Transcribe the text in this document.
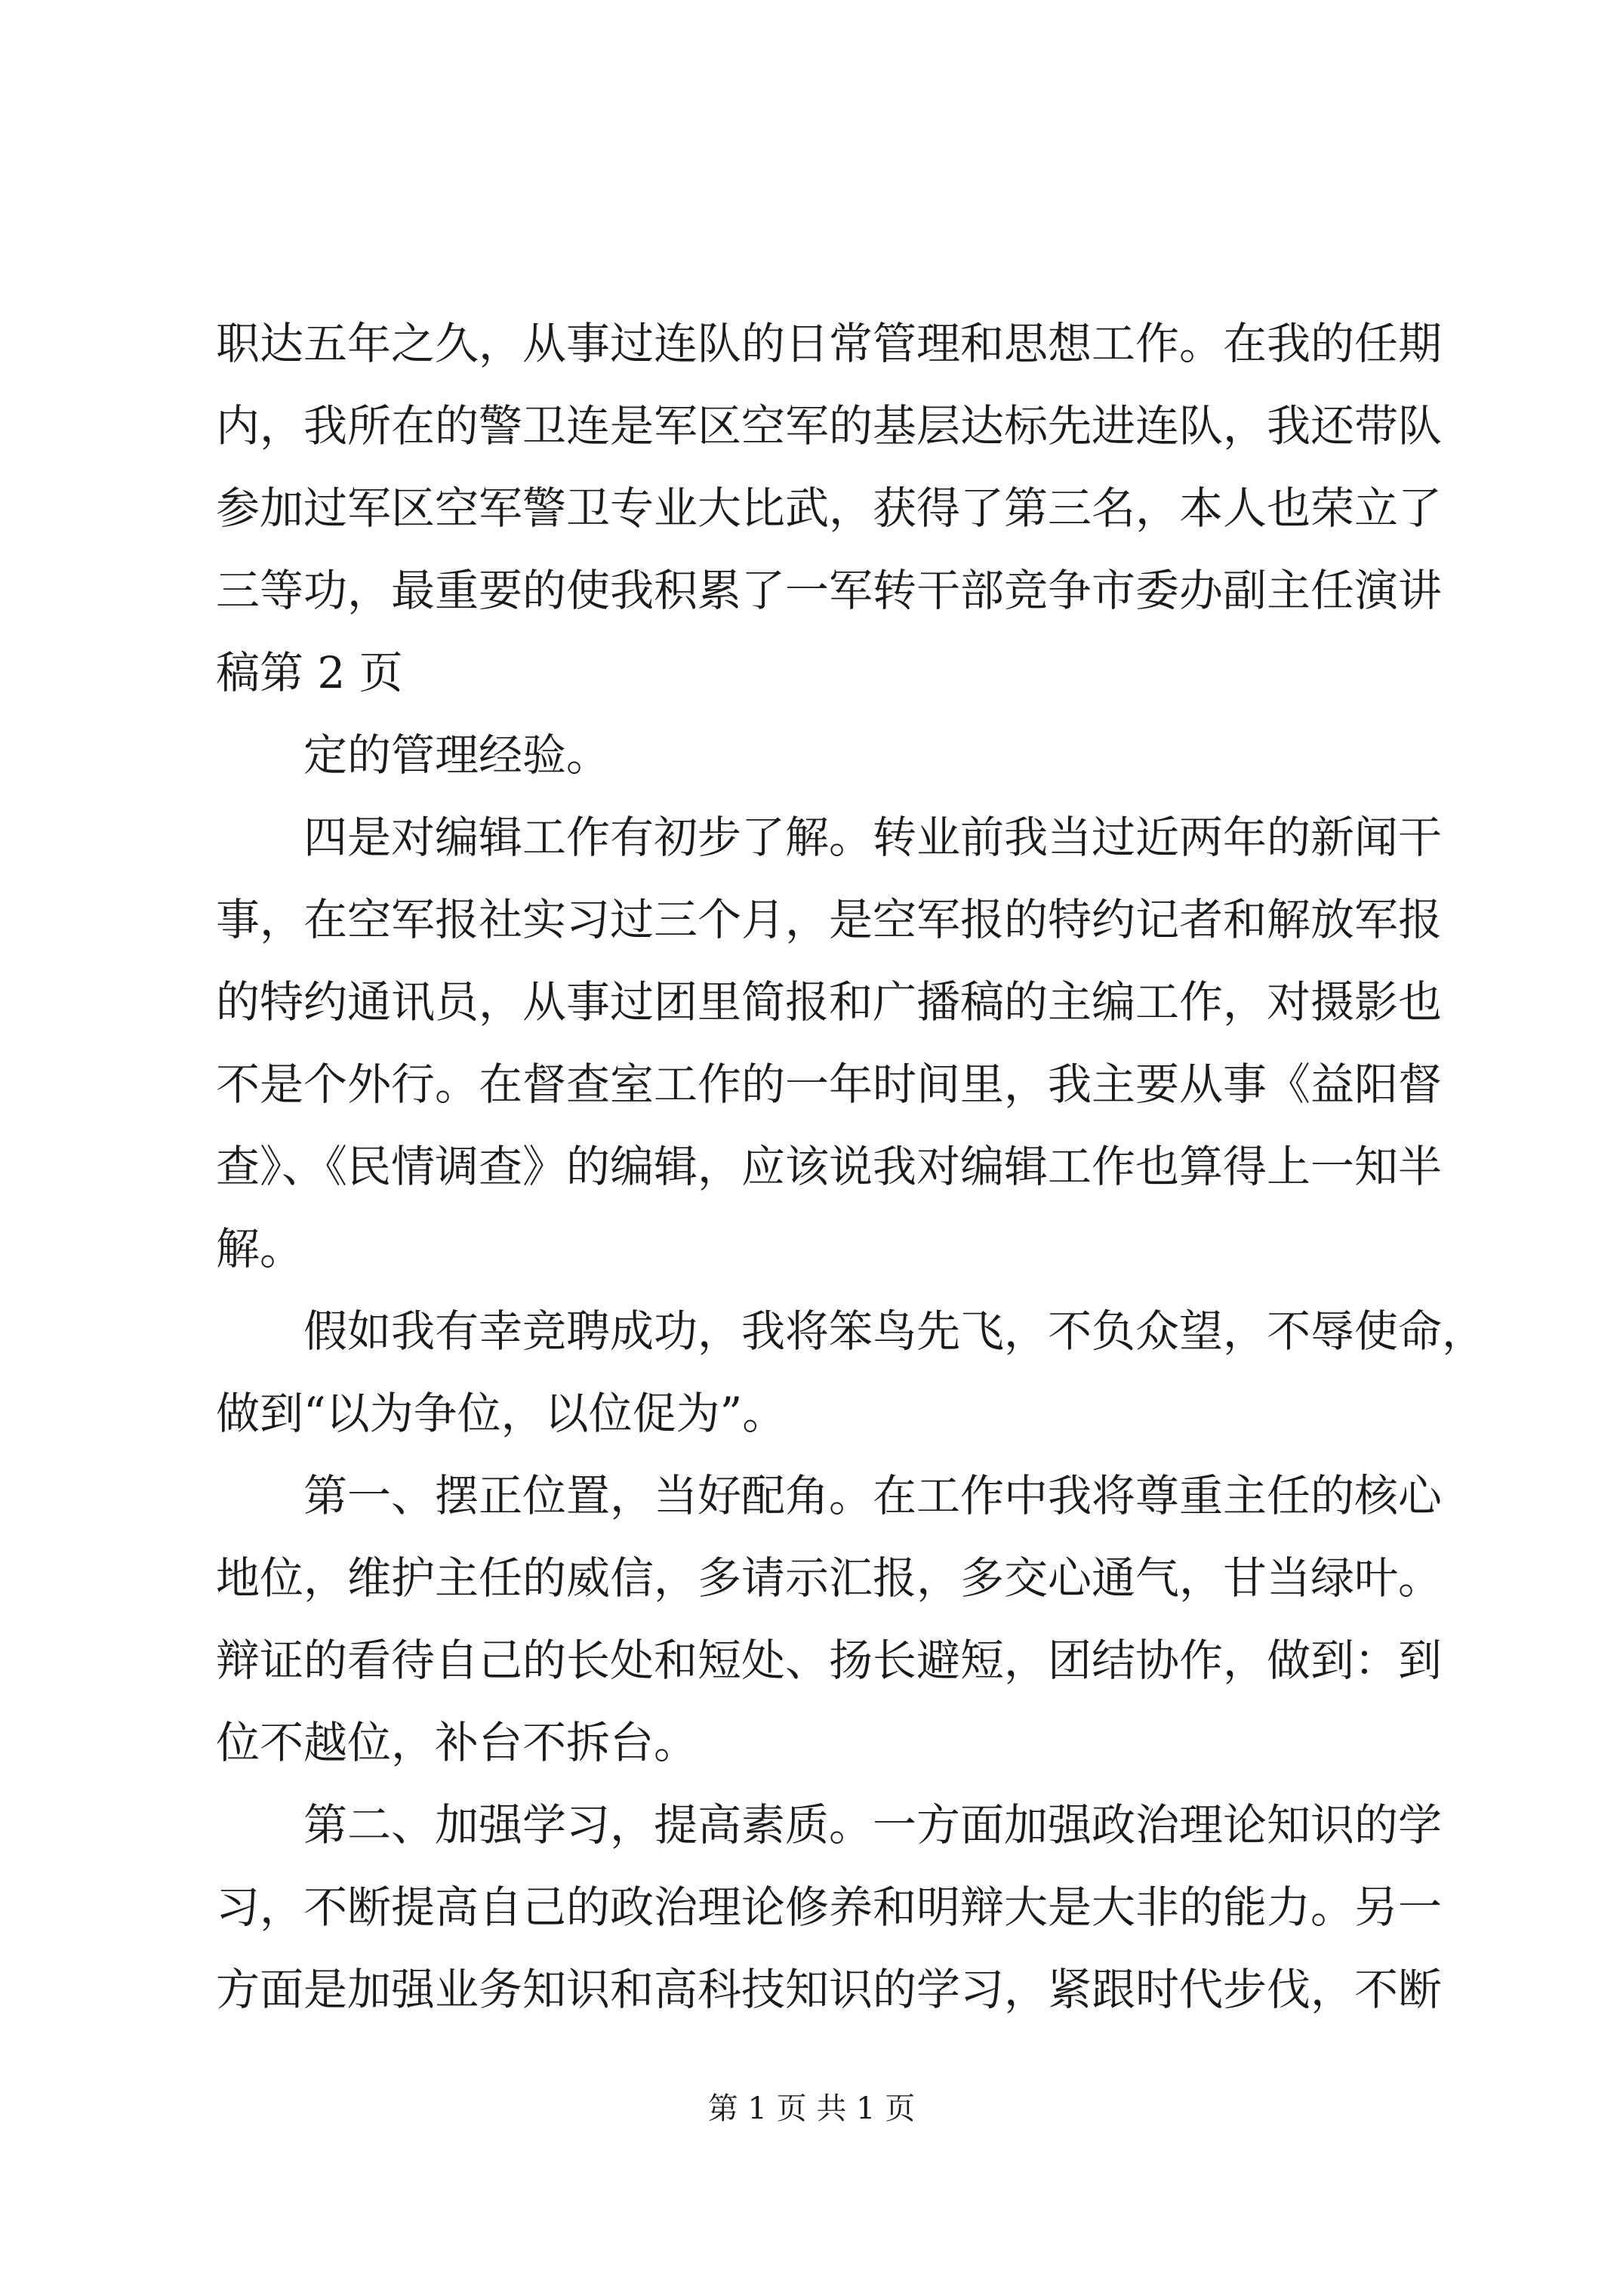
职达五年之久，从事过连队的日常管理和思想工作。在我的任期
内，我所在的警卫连是军区空军的基层达标先进连队，我还带队
参加过军区空军警卫专业大比武，获得了第三名，本人也荣立了
三等功，最重要的使我积累了一军转干部竞争市委办副主任演讲
稿第 2 页
定的管理经验。
四是对编辑工作有初步了解。转业前我当过近两年的新闻干
事，在空军报社实习过三个月，是空军报的特约记者和解放军报
的特约通讯员，从事过团里简报和广播稿的主编工作，对摄影也
不是个外行。在督查室工作的一年时间里，我主要从事《益阳督
查》、《民情调查》的编辑，应该说我对编辑工作也算得上一知半
解。
假如我有幸竞聘成功，我将笨鸟先飞，不负众望，不辱使命，
做到“以为争位，以位促为”。
第一、摆正位置，当好配角。在工作中我将尊重主任的核心
地位，维护主任的威信，多请示汇报，多交心通气，甘当绿叶。
辩证的看待自己的长处和短处、扬长避短，团结协作，做到：到
位不越位，补台不拆台。
第二、加强学习，提高素质。一方面加强政治理论知识的学
习，不断提高自己的政治理论修养和明辩大是大非的能力。另一
方面是加强业务知识和高科技知识的学习，紧跟时代步伐，不断
第 1 页 共 1 页
